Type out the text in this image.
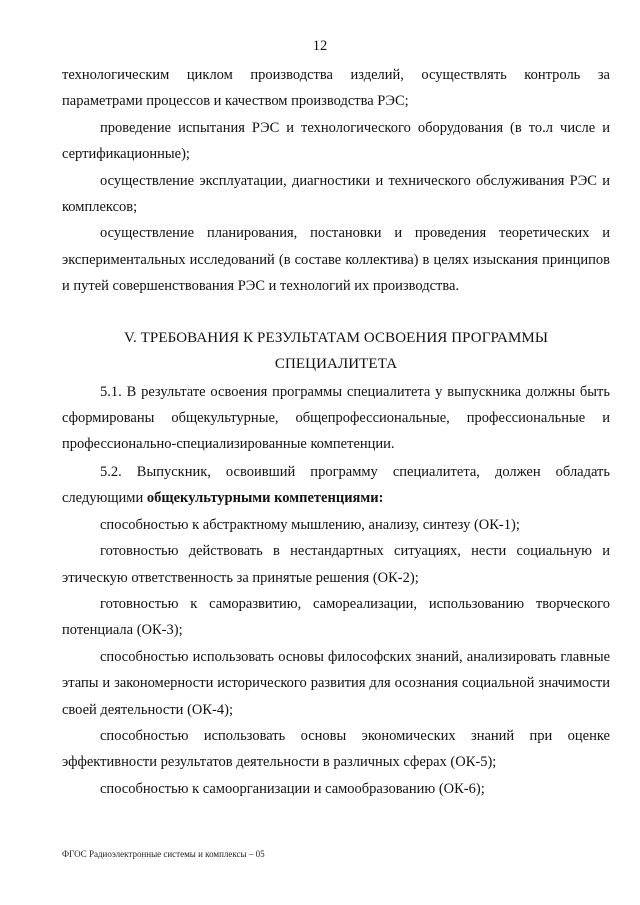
12

технологическим циклом производства изделий, осуществлять контроль за параметрами процессов и качеством производства РЭС;

проведение испытания РЭС и технологического оборудования (в то.л числе и сертификационные);

осуществление эксплуатации, диагностики и технического обслуживания РЭС и комплексов;

осуществление планирования, постановки и проведения теоретических и экспериментальных исследований (в составе коллектива) в целях изыскания принципов и путей совершенствования РЭС и технологий их производства.

V. ТРЕБОВАНИЯ К РЕЗУЛЬТАТАМ ОСВОЕНИЯ ПРОГРАММЫ

СПЕЦИАЛИТЕТА

5.1. В результате освоения программы специалитета у выпускника должны быть сформированы общекультурные, общепрофессиональные, профессиональные и профессионально-специализированные компетенции.

5.2. Выпускник, освоивший программу специалитета, должен обладать следующими общекультурными компетенциями:

способностью к абстрактному мышлению, анализу, синтезу (ОК-1);

готовностью действовать в нестандартных ситуациях, нести социальную и этическую ответственность за принятые решения (ОК-2);

готовностью к саморазвитию, самореализации, использованию творческого потенциала (ОК-3);

способностью использовать основы философских знаний, анализировать главные этапы и закономерности исторического развития для осознания социальной значимости своей деятельности (ОК-4);

способностью использовать основы экономических знаний при оценке эффективности результатов деятельности в различных сферах (ОК-5);

способностью к самоорганизации и самообразованию (ОК-6);

ФГОС Радиоэлектронные системы и комплексы – 05
